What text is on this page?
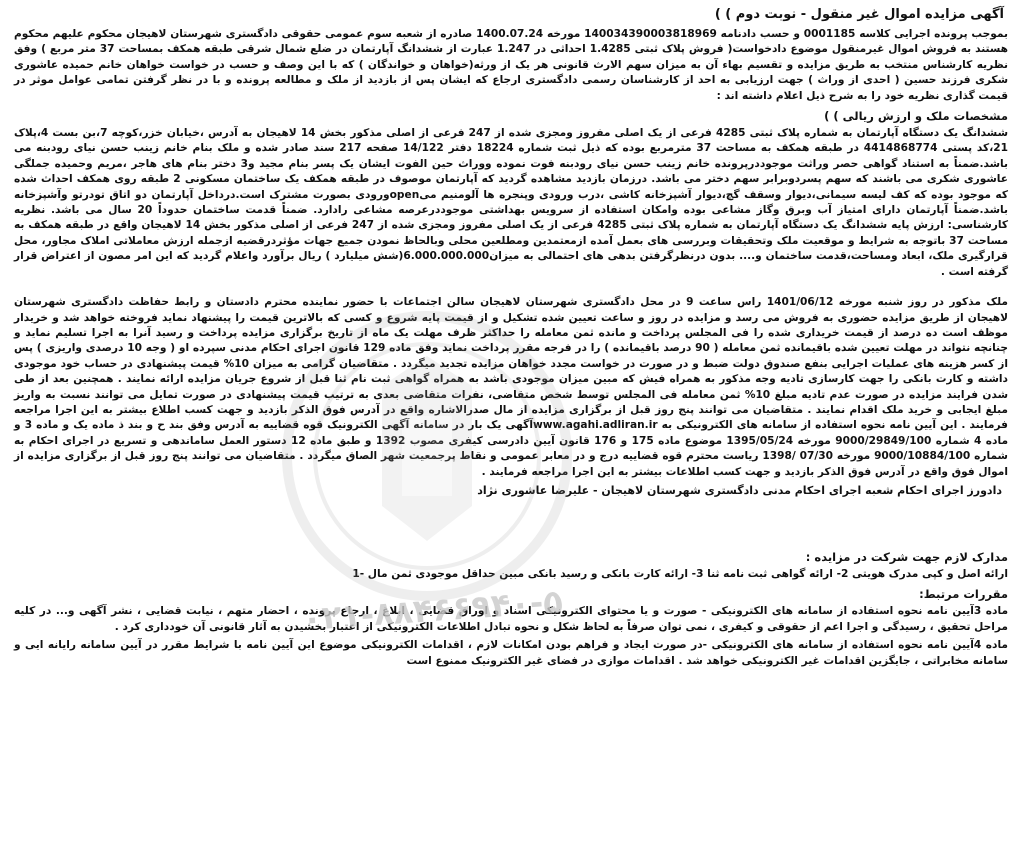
۰۲۱-۸۸۴۶۶۹۴۰-۵
آگهی مزایده اموال غیر منقول - نوبت دوم ) )

بموجب پرونده اجرایی کلاسه 0001185 و حسب دادنامه 140034390003818969 مورخه 1400.07.24 صادره از شعبه سوم عمومی حقوقی دادگستری شهرستان لاهیجان محکوم علیهم محکوم هستند به فروش اموال غیرمنقول موضوع دادخواست( فروش پلاک ثبتی 1.4285 احداثی در 1.247 عبارت از ششدانگ آپارتمان در ضلع شمال شرقی طبقه همکف بمساحت 37 متر مربع ) وفق نظریه کارشناس منتخب به طریق مزایده و تقسیم بهاء آن به میزان سهم الارث قانونی هر یک از ورثه(خواهان و خواندگان ) که با این وصف و حسب در خواست خواهان خانم حمیده عاشوری شکری فرزند حسین ( احدی از وراث ) جهت ارزیابی به احد از کارشناسان رسمی دادگستری ارجاع که ایشان پس از بازدید از ملک و مطالعه پرونده و با در نظر گرفتن تمامی عوامل موثر در قیمت گذاری نظریه خود را به شرح ذیل اعلام داشته اند :

مشخصات ملک و ارزش ریالی ) )

ششدانگ یک دستگاه آپارتمان به شماره پلاک ثبتی 4285 فرعی از یک اصلی مفروز ومجزی شده از 247 فرعی از اصلی مذکور بخش 14 لاهیجان به آدرس ،خیابان خزر،کوچه 7،بن بست 4،پلاک 21،کد پستی 4414868774 در طبقه همکف به مساحت 37 مترمربع بوده که ذیل ثبت شماره 18224 دفتر 14/122 صفحه 217 سند صادر شده و ملک بنام خانم زینب حسن نیای رودبنه می باشد.ضمناً به استناد گواهی حصر وراثت موجوددرپرونده خانم زینب حسن نیای رودبنه فوت نموده ووراث حین الفوت ایشان یک پسر بنام مجید و3 دختر بنام های هاجر ،مریم وحمیده جملگی عاشوری شکری می باشند که سهم پسردوبرابر سهم دختر می باشد. درزمان بازدید مشاهده گردید که آپارتمان موصوف در طبقه همکف یک ساختمان مسکونی 2 طبقه روی همکف احداث شده که موجود بوده که کف لیسه سیمانی،دیوار وسقف گچ،دیوار آشپزخانه کاشی ،درب ورودی وپنجره ها آلومنیم میopenورودی بصورت مشترک است.درداخل آپارتمان دو اتاق تودرتو وآشپزخانه باشد.ضمناً آپارتمان دارای امتیاز آب وبرق وگاز مشاعی بوده وامکان استفاده از سرویس بهداشتی موجوددرعرصه مشاعی رادارد. ضمناً قدمت ساختمان حدوداً 20 سال می باشد. نظریه کارشناسی: ارزش پایه ششدانگ یک دستگاه آپارتمان به شماره پلاک ثبتی 4285 فرعی از یک اصلی مفروز ومجزی شده از 247 فرعی از اصلی مذکور بخش 14 لاهیجان واقع در طبقه همکف به مساحت 37 باتوجه به شرایط و موقعیت ملک وتحقیقات وبررسی های بعمل آمده ازمعتمدین ومطلعین محلی وبالحاظ نمودن جمیع جهات مؤثردرقضیه ازجمله ارزش معاملاتی املاک مجاور، محل قرارگیری ملک، ابعاد ومساحت،قدمت ساختمان و.... بدون درنظرگرفتن بدهی های احتمالی به میزان6.000.000.000(شش میلیارد ) ریال برآورد واعلام گردید که این امر مصون از اعتراض قرار گرفته است .

ملک مذکور در روز شنبه مورخه 1401/06/12 راس ساعت 9 در محل دادگستری شهرستان لاهیجان سالن اجتماعات با حضور نماینده محترم دادستان و رابط حفاظت دادگستری شهرستان لاهیجان از طریق مزایده حضوری به فروش می رسد و مزایده در روز و ساعت تعیین شده تشکیل و از قیمت پایه شروع و کسی که بالاترین قیمت را پیشنهاد نماید فروخته خواهد شد و خریدار موظف است ده درصد از قیمت خریداری شده را فی المجلس پرداخت و مانده ثمن معامله را حداکثر ظرف مهلت یک ماه از تاریخ برگزاری مزایده پرداخت و رسید آنرا به اجرا تسلیم نماید و چنانچه نتواند در مهلت تعیین شده باقیمانده ثمن معامله ( 90 درصد باقیمانده ) را در فرجه مقرر پرداخت نماید وفق ماده 129 قانون اجرای احکام مدنی سپرده او ( وجه 10 درصدی واریزی ) پس از کسر هزینه های عملیات اجرایی بنفع صندوق دولت ضبط و در صورت در خواست مجدد خواهان مزایده تجدید میگردد . متقاضیان گرامی به میزان 10% قیمت پیشنهادی در حساب خود موجودی داشته و کارت بانکی را جهت کارسازی تادیه وجه مذکور به همراه فیش که مبین میزان موجودی باشد به همراه گواهی ثبت نام ثنا قبل از شروع جریان مزایده ارائه نمایند . همچنین بعد از طی شدن فرایند مزایده در صورت عدم تادیه مبلغ 10% ثمن معامله فی المجلس توسط شخص متقاضی، نفرات متقاضی بعدی به ترتیب قیمت پیشنهادی در صورت تمایل می توانند نسبت به واریز مبلغ ایجابی و خرید ملک اقدام نمایند . متقاضیان می توانند پنج روز قبل از برگزاری مزایده از مال صدرالاشاره واقع در آدرس فوق الذکر بازدید و جهت کسب اطلاع بیشتر به این اجرا مراجعه فرمایند . این آیین نامه نحوه استفاده از سامانه های الکترونیکی به www.agahi.adliran.irآگهی یک بار در سامانه آگهی الکترونیک قوه قضاییه به آدرس وفق بند ح و بند ذ ماده یک و ماده 3 و ماده 4 شماره 9000/29849/100 مورخه 1395/05/24 موضوع ماده 175 و 176 قانون آیین دادرسی کیفری مصوب 1392 و طبق ماده 12 دستور العمل ساماندهی و تسریع در اجرای احکام به شماره 9000/10884/100 مورخه 07/30 /1398 ریاست محترم قوه قضاییه درج و در معابر عمومی و نقاط پرجمعیت شهر الصاق میگردد . متقاضیان می توانند پنج روز قبل از برگزاری مزایده از اموال فوق واقع در آدرس فوق الذکر بازدید و جهت کسب اطلاعات بیشتر به این اجرا مراجعه فرمایند .

دادورز اجرای احکام شعبه اجرای احکام مدنی دادگستری شهرستان لاهیجان - علیرضا عاشوری نژاد
مدارک لازم جهت شرکت در مزایده :

ارائه اصل و کپی مدرک هویتی 2- ارائه گواهی ثبت نامه ثنا 3- ارائه کارت بانکی و رسید بانکی مبین حداقل موجودی ثمن مال -1

مقررات مرتبط:

ماده 3آیین نامه نحوه استفاده از سامانه های الکترونیکی - صورت و یا محتوای الکترونیکی اسناد و اوراق قضایی ، ابلاغ ، ارجاع پرونده ، احضار متهم ، نیابت قضایی ، نشر آگهی و... در کلیه مراحل تحقیق ، رسیدگی و اجرا اعم از حقوقی و کیفری ، نمی توان صرفاً به لحاظ شکل و نحوه تبادل اطلاعات الکترونیکی از اعتبار بخشیدن به آثار قانونی آن خودداری کرد .

ماده 4آیین نامه نحوه استفاده از سامانه های الکترونیکی -در صورت ایجاد و فراهم بودن امکانات لازم ، اقدامات الکترونیکی موضوع این آیین نامه با شرایط مقرر در آیین سامانه رایانه ایی و سامانه مخابراتی ، جایگزین اقدامات غیر الکترونیکی خواهد شد . اقدامات موازی در فضای غیر الکترونیک ممنوع است
